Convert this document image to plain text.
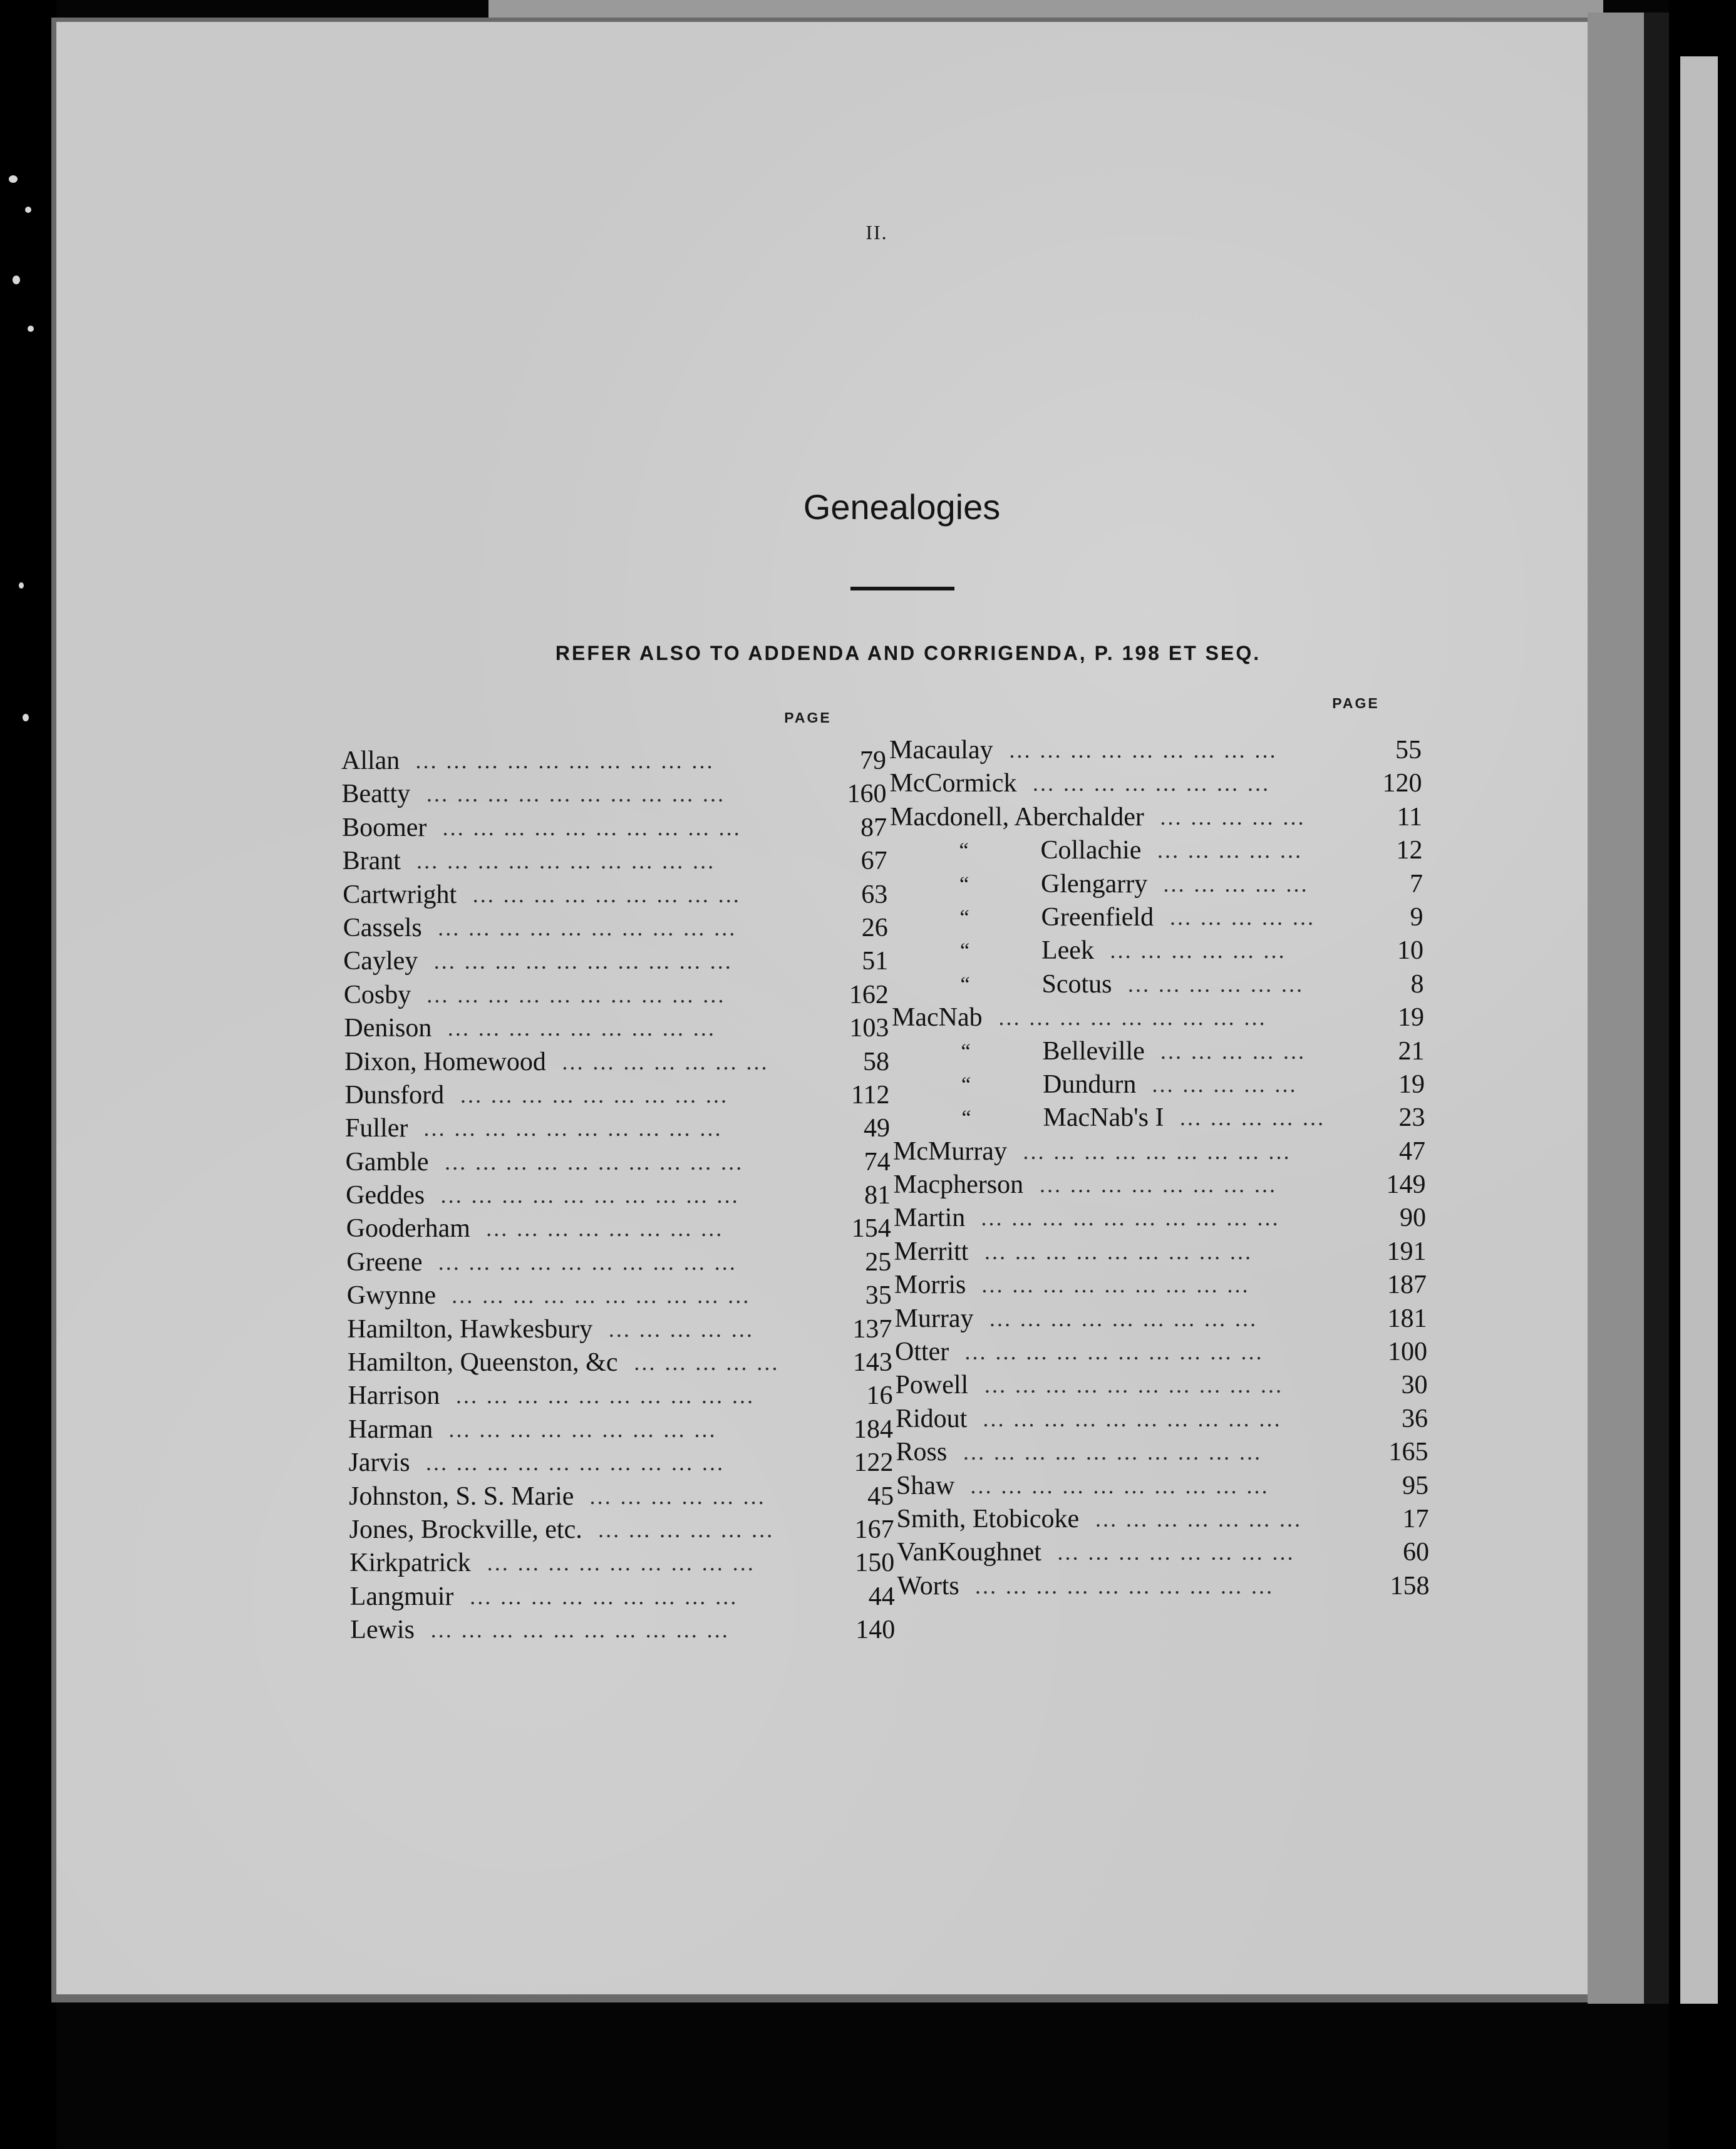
II.
Genealogies
REFER ALSO TO ADDENDA AND CORRIGENDA, P. 198 ET SEQ.
PAGE
PAGE
Allan … … … … … … … … … …	79
Beatty … … … … … … … … … …	160
Boomer … … … … … … … … … …	87
Brant … … … … … … … … … …	67
Cartwright … … … … … … … … …	63
Cassels … … … … … … … … … …	26
Cayley … … … … … … … … … …	51
Cosby … … … … … … … … … …	162
Denison … … … … … … … … …	103
Dixon, Homewood … … … … … … …	58
Dunsford … … … … … … … … …	112
Fuller … … … … … … … … … …	49
Gamble … … … … … … … … … …	74
Geddes … … … … … … … … … …	81
Gooderham … … … … … … … …	154
Greene … … … … … … … … … …	25
Gwynne … … … … … … … … … …	35
Hamilton, Hawkesbury … … … … …	137
Hamilton, Queenston, &c … … … … …	143
Harrison … … … … … … … … … …	16
Harman … … … … … … … … …	184
Jarvis … … … … … … … … … …	122
Johnston, S. S. Marie … … … … … …	45
Jones, Brockville, etc. … … … … … …	167
Kirkpatrick … … … … … … … … …	150
Langmuir … … … … … … … … …	44
Lewis … … … … … … … … … …	140
Macaulay … … … … … … … … …	55
McCormick … … … … … … … …	120
Macdonell, Aberchalder … … … … …	11
“	Collachie … … … … …	12
“	Glengarry … … … … …	7
“	Greenfield … … … … …	9
“	Leek … … … … … …	10
“	Scotus … … … … … …	8
MacNab … … … … … … … … …	19
“	Belleville … … … … …	21
“	Dundurn … … … … …	19
“	MacNab's I … … … … …	23
McMurray … … … … … … … … …	47
Macpherson … … … … … … … …	149
Martin … … … … … … … … … …	90
Merritt … … … … … … … … …	191
Morris … … … … … … … … …	187
Murray … … … … … … … … …	181
Otter … … … … … … … … … …	100
Powell … … … … … … … … … …	30
Ridout … … … … … … … … … …	36
Ross … … … … … … … … … …	165
Shaw … … … … … … … … … …	95
Smith, Etobicoke … … … … … … …	17
VanKoughnet … … … … … … … …	60
Worts … … … … … … … … … …	158
